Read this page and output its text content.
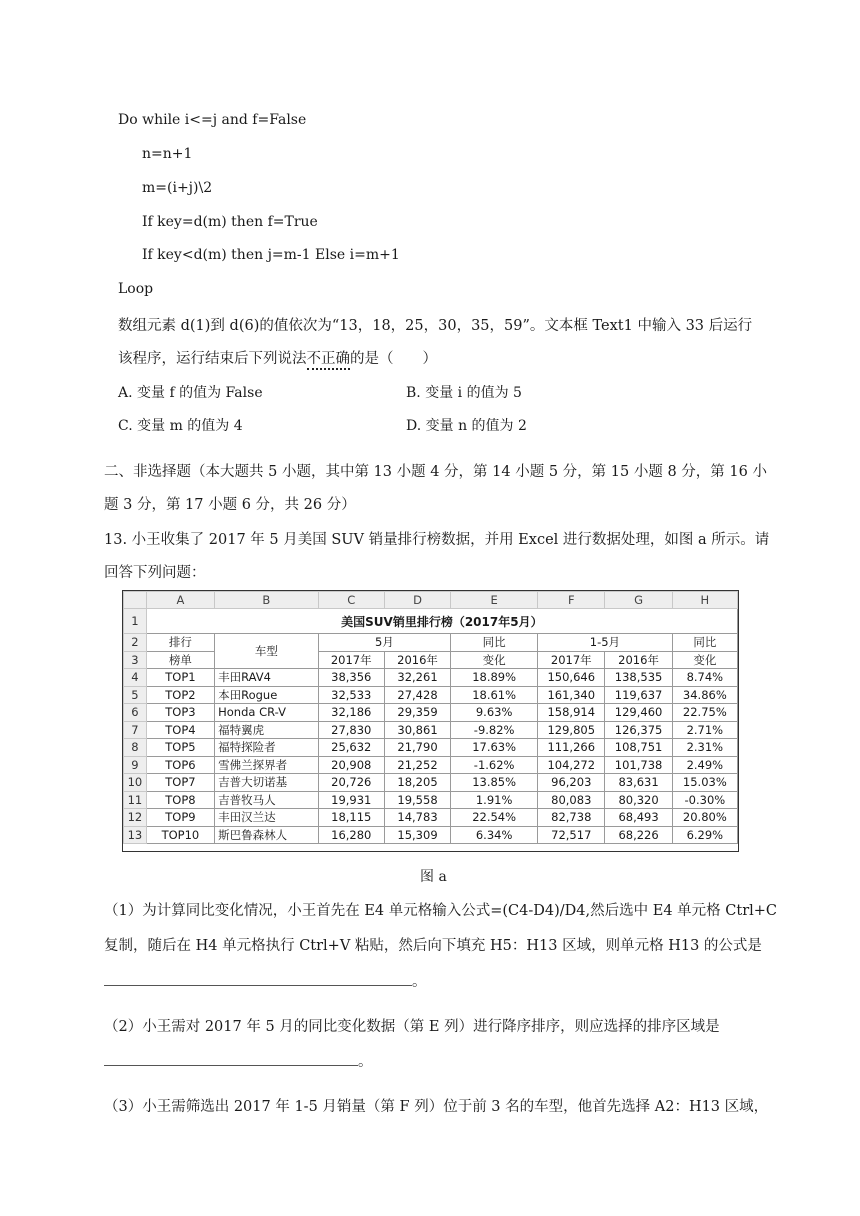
Do while i<=j and f=False
n=n+1
m=(i+j)\2
If key=d(m) then f=True
If key<d(m) then j=m-1 Else i=m+1
Loop
数组元素 d(1)到 d(6)的值依次为“13，18，25，30，35，59”。文本框 Text1 中输入 33 后运行
该程序，运行结束后下列说法不正确的是（　　）
A. 变量 f 的值为 False	B. 变量 i 的值为 5
C. 变量 m 的值为 4	D. 变量 n 的值为 2
二、非选择题（本大题共 5 小题，其中第 13 小题 4 分，第 14 小题 5 分，第 15 小题 8 分，第 16 小
题 3 分，第 17 小题 6 分，共 26 分）
13. 小王收集了 2017 年 5 月美国 SUV 销量排行榜数据，并用 Excel 进行数据处理，如图 a 所示。请
回答下列问题：
	A	B	C	D	E	F	G	H
1	美国SUV销里排行榜（2017年5月）							
2	排行	车型	5月		同比	1-5月		同比
3	榜单		2017年	2016年	变化	2017年	2016年	变化
4	TOP1	丰田RAV4	38,356	32,261	18.89%	150,646	138,535	8.74%
5	TOP2	本田Rogue	32,533	27,428	18.61%	161,340	119,637	34.86%
6	TOP3	Honda CR-V	32,186	29,359	9.63%	158,914	129,460	22.75%
7	TOP4	福特翼虎	27,830	30,861	-9.82%	129,805	126,375	2.71%
8	TOP5	福特探险者	25,632	21,790	17.63%	111,266	108,751	2.31%
9	TOP6	雪佛兰探界者	20,908	21,252	-1.62%	104,272	101,738	2.49%
10	TOP7	吉普大切诺基	20,726	18,205	13.85%	96,203	83,631	15.03%
11	TOP8	吉普牧马人	19,931	19,558	1.91%	80,083	80,320	-0.30%
12	TOP9	丰田汉兰达	18,115	14,783	22.54%	82,738	68,493	20.80%
13	TOP10	斯巴鲁森林人	16,280	15,309	6.34%	72,517	68,226	6.29%
图 a
（1）为计算同比变化情况，小王首先在 E4 单元格输入公式=(C4-D4)/D4,然后选中 E4 单元格 Ctrl+C
复制，随后在 H4 单元格执行 Ctrl+V 粘贴，然后向下填充 H5：H13 区域，则单元格 H13 的公式是
。
（2）小王需对 2017 年 5 月的同比变化数据（第 E 列）进行降序排序，则应选择的排序区域是
。
（3）小王需筛选出 2017 年 1-5 月销量（第 F 列）位于前 3 名的车型，他首先选择 A2：H13 区域，
